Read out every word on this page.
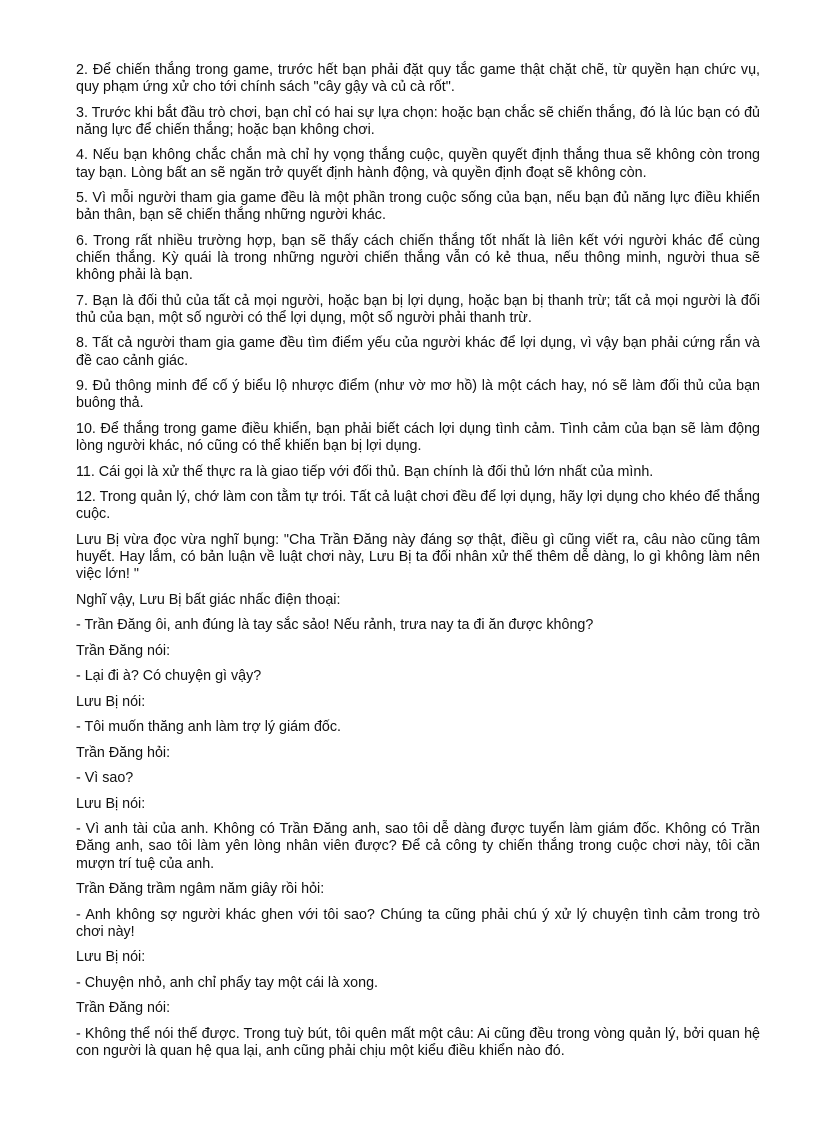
2. Để chiến thắng trong game, trước hết bạn phải đặt quy tắc game thật chặt chẽ, từ quyền hạn chức vụ, quy phạm ứng xử cho tới chính sách "cây gậy và củ cà rốt".

3. Trước khi bắt đầu trò chơi, bạn chỉ có hai sự lựa chọn: hoặc bạn chắc sẽ chiến thắng, đó là lúc bạn có đủ năng lực để chiến thắng; hoặc bạn không chơi.

4. Nếu bạn không chắc chắn mà chỉ hy vọng thắng cuộc, quyền quyết định thắng thua sẽ không còn trong tay bạn. Lòng bất an sẽ ngăn trở quyết định hành động, và quyền định đoạt sẽ không còn.

5. Vì mỗi người tham gia game đều là một phần trong cuộc sống của bạn, nếu bạn đủ năng lực điều khiển bản thân, bạn sẽ chiến thắng những người khác.

6. Trong rất nhiều trường hợp, bạn sẽ thấy cách chiến thắng tốt nhất là liên kết với người khác để cùng chiến thắng. Kỳ quái là trong những người chiến thắng vẫn có kẻ thua, nếu thông minh, người thua sẽ không phải là bạn.

7. Bạn là đối thủ của tất cả mọi người, hoặc bạn bị lợi dụng, hoặc bạn bị thanh trừ; tất cả mọi người là đối thủ của bạn, một số người có thể lợi dụng, một số người phải thanh trừ.

8. Tất cả người tham gia game đều tìm điểm yếu của người khác để lợi dụng, vì vậy bạn phải cứng rắn và đề cao cảnh giác.

9. Đủ thông minh để cố ý biểu lộ nhược điểm (như vờ mơ hồ) là một cách hay, nó sẽ làm đối thủ của bạn buông thả.

10. Để thắng trong game điều khiển, bạn phải biết cách lợi dụng tình cảm. Tình cảm của bạn sẽ làm động lòng người khác, nó cũng có thể khiến bạn bị lợi dụng.

11. Cái gọi là xử thế thực ra là giao tiếp với đối thủ. Bạn chính là đối thủ lớn nhất của mình.

12. Trong quản lý, chớ làm con tằm tự trói. Tất cả luật chơi đều để lợi dụng, hãy lợi dụng cho khéo để thắng cuộc.

Lưu Bị vừa đọc vừa nghĩ bụng: "Cha Trần Đăng này đáng sợ thật, điều gì cũng viết ra, câu nào cũng tâm huyết. Hay lắm, có bản luận về luật chơi này, Lưu Bị ta đối nhân xử thế thêm dễ dàng, lo gì không làm nên việc lớn! "

Nghĩ vậy, Lưu Bị bất giác nhấc điện thoại:

- Trần Đăng ôi, anh đúng là tay sắc sảo! Nếu rảnh, trưa nay ta đi ăn được không?

Trần Đăng nói:

- Lại đi à? Có chuyện gì vậy?

Lưu Bị nói:

- Tôi muốn thăng anh làm trợ lý giám đốc.

Trần Đăng hỏi:

- Vì sao?

Lưu Bị nói:

- Vì anh tài của anh. Không có Trần Đăng anh, sao tôi dễ dàng được tuyển làm giám đốc. Không có Trần Đăng anh, sao tôi làm yên lòng nhân viên được? Để cả công ty chiến thắng trong cuộc chơi này, tôi cần mượn trí tuệ của anh.

Trần Đăng trầm ngâm năm giây rồi hỏi:

- Anh không sợ người khác ghen với tôi sao? Chúng ta cũng phải chú ý xử lý chuyện tình cảm trong trò chơi này!

Lưu Bị nói:

- Chuyện nhỏ, anh chỉ phẩy tay một cái là xong.

Trần Đăng nói:

- Không thể nói thế được. Trong tuỳ bút, tôi quên mất một câu: Ai cũng đều trong vòng quản lý, bởi quan hệ con người là quan hệ qua lại, anh cũng phải chịu một kiểu điều khiển nào đó.
